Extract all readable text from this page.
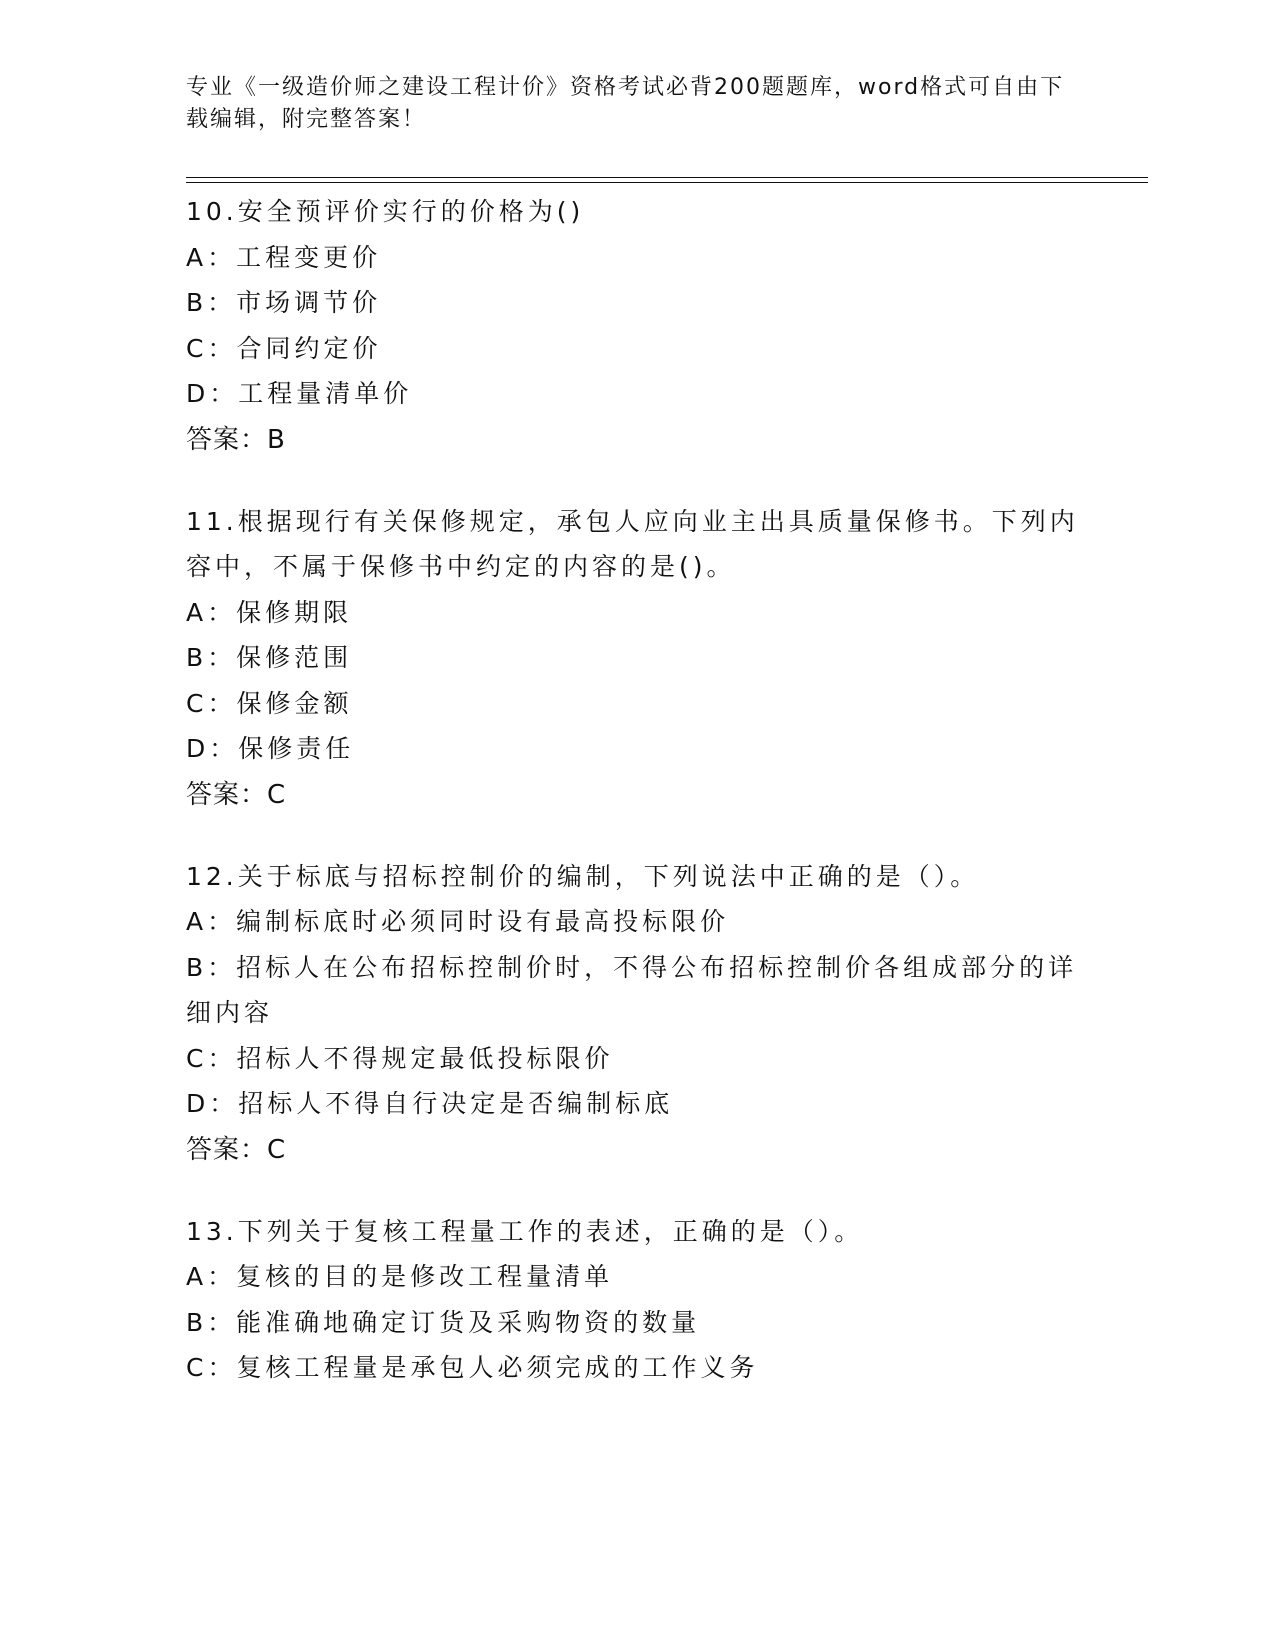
专业《一级造价师之建设工程计价》资格考试必背200题题库，word格式可自由下载编辑，附完整答案！
10.安全预评价实行的价格为()
A：工程变更价
B：市场调节价
C：合同约定价
D：工程量清单价
答案：B
11.根据现行有关保修规定，承包人应向业主出具质量保修书。下列内容中，不属于保修书中约定的内容的是()。
A：保修期限
B：保修范围
C：保修金额
D：保修责任
答案：C
12.关于标底与招标控制价的编制，下列说法中正确的是（）。
A：编制标底时必须同时设有最高投标限价
B：招标人在公布招标控制价时，不得公布招标控制价各组成部分的详细内容
C：招标人不得规定最低投标限价
D：招标人不得自行决定是否编制标底
答案：C
13.下列关于复核工程量工作的表述，正确的是（）。
A：复核的目的是修改工程量清单
B：能准确地确定订货及采购物资的数量
C：复核工程量是承包人必须完成的工作义务
